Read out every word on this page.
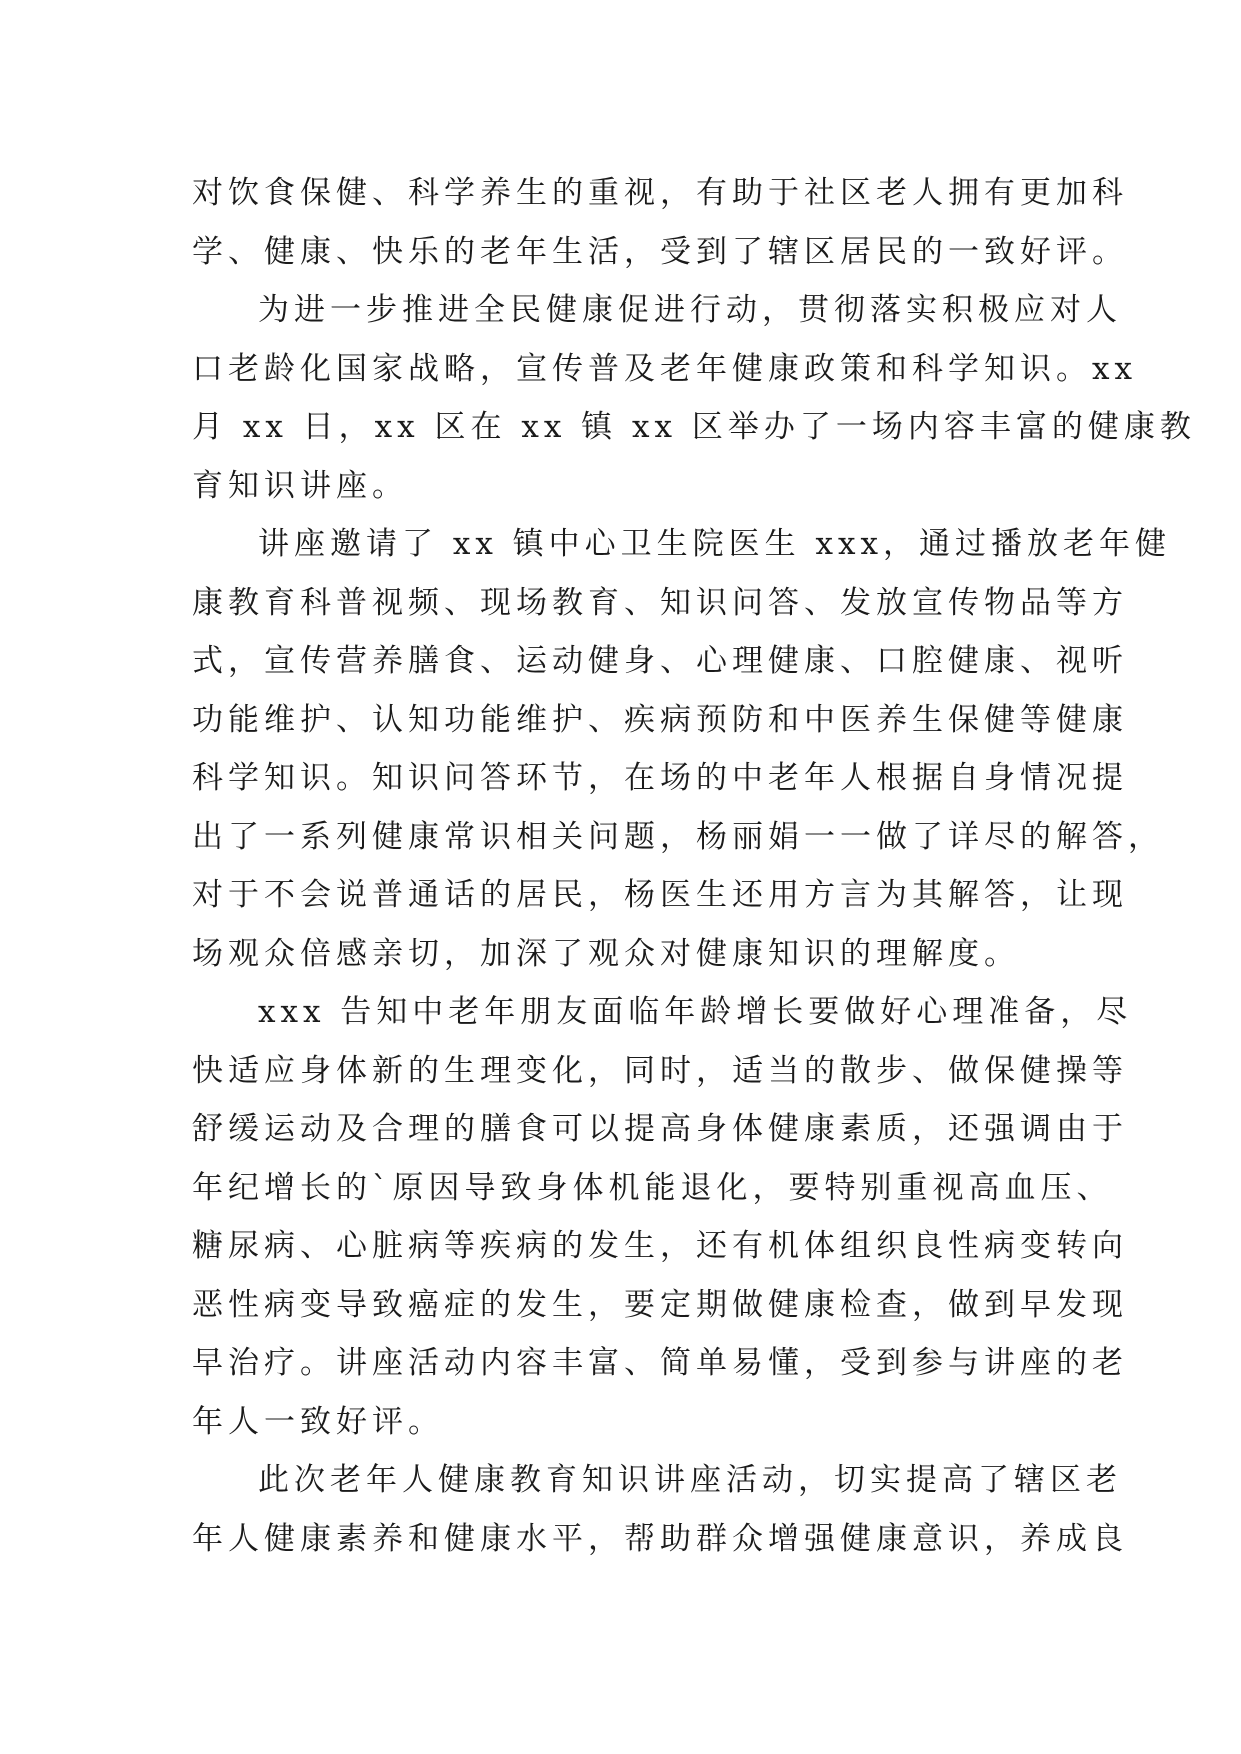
对饮食保健、科学养生的重视，有助于社区老人拥有更加科
学、健康、快乐的老年生活，受到了辖区居民的一致好评。
为进一步推进全民健康促进行动，贯彻落实积极应对人
口老龄化国家战略，宣传普及老年健康政策和科学知识。xx
月 xx 日，xx 区在 xx 镇 xx 区举办了一场内容丰富的健康教
育知识讲座。
讲座邀请了 xx 镇中心卫生院医生 xxx，通过播放老年健
康教育科普视频、现场教育、知识问答、发放宣传物品等方
式，宣传营养膳食、运动健身、心理健康、口腔健康、视听
功能维护、认知功能维护、疾病预防和中医养生保健等健康
科学知识。知识问答环节，在场的中老年人根据自身情况提
出了一系列健康常识相关问题，杨丽娟一一做了详尽的解答，
对于不会说普通话的居民，杨医生还用方言为其解答，让现
场观众倍感亲切，加深了观众对健康知识的理解度。
xxx 告知中老年朋友面临年龄增长要做好心理准备，尽
快适应身体新的生理变化，同时，适当的散步、做保健操等
舒缓运动及合理的膳食可以提高身体健康素质，还强调由于
年纪增长的`原因导致身体机能退化，要特别重视高血压、
糖尿病、心脏病等疾病的发生，还有机体组织良性病变转向
恶性病变导致癌症的发生，要定期做健康检查，做到早发现
早治疗。讲座活动内容丰富、简单易懂，受到参与讲座的老
年人一致好评。
此次老年人健康教育知识讲座活动，切实提高了辖区老
年人健康素养和健康水平，帮助群众增强健康意识，养成良
